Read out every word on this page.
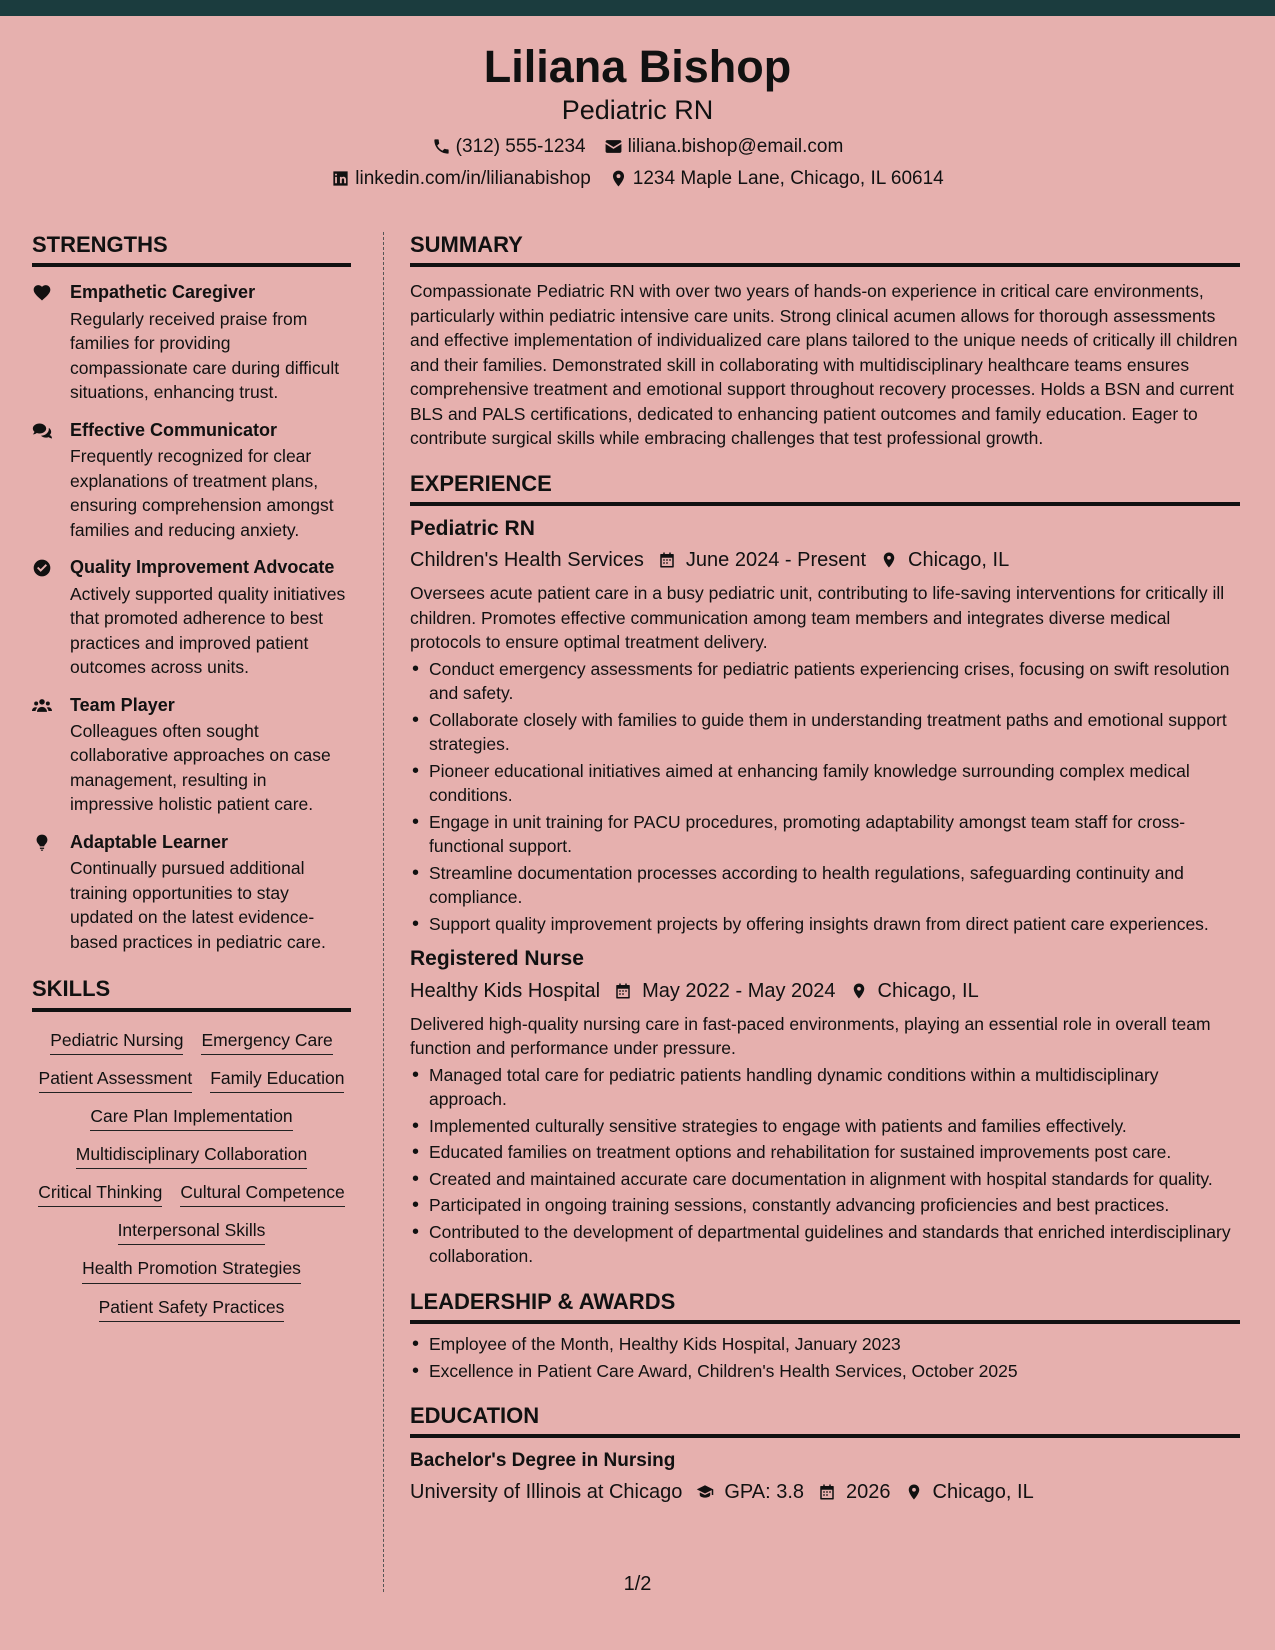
Liliana Bishop
Pediatric RN
(312) 555-1234 liliana.bishop@email.com
linkedin.com/in/lilianabishop 1234 Maple Lane, Chicago, IL 60614
STRENGTHS
Empathetic Caregiver
Regularly received praise from families for providing compassionate care during difficult situations, enhancing trust.
Effective Communicator
Frequently recognized for clear explanations of treatment plans, ensuring comprehension amongst families and reducing anxiety.
Quality Improvement Advocate
Actively supported quality initiatives that promoted adherence to best practices and improved patient outcomes across units.
Team Player
Colleagues often sought collaborative approaches on case management, resulting in impressive holistic patient care.
Adaptable Learner
Continually pursued additional training opportunities to stay updated on the latest evidence-based practices in pediatric care.
SKILLS
Pediatric Nursing Emergency Care
Patient Assessment Family Education
Care Plan Implementation
Multidisciplinary Collaboration
Critical Thinking Cultural Competence
Interpersonal Skills
Health Promotion Strategies
Patient Safety Practices
SUMMARY
Compassionate Pediatric RN with over two years of hands-on experience in critical care environments, particularly within pediatric intensive care units. Strong clinical acumen allows for thorough assessments and effective implementation of individualized care plans tailored to the unique needs of critically ill children and their families. Demonstrated skill in collaborating with multidisciplinary healthcare teams ensures comprehensive treatment and emotional support throughout recovery processes. Holds a BSN and current BLS and PALS certifications, dedicated to enhancing patient outcomes and family education. Eager to contribute surgical skills while embracing challenges that test professional growth.
EXPERIENCE
Pediatric RN
Children's Health Services June 2024 - Present Chicago, IL
Oversees acute patient care in a busy pediatric unit, contributing to life-saving interventions for critically ill children. Promotes effective communication among team members and integrates diverse medical protocols to ensure optimal treatment delivery.
• Conduct emergency assessments for pediatric patients experiencing crises, focusing on swift resolution and safety.
• Collaborate closely with families to guide them in understanding treatment paths and emotional support strategies.
• Pioneer educational initiatives aimed at enhancing family knowledge surrounding complex medical conditions.
• Engage in unit training for PACU procedures, promoting adaptability amongst team staff for cross-functional support.
• Streamline documentation processes according to health regulations, safeguarding continuity and compliance.
• Support quality improvement projects by offering insights drawn from direct patient care experiences.
Registered Nurse
Healthy Kids Hospital May 2022 - May 2024 Chicago, IL
Delivered high-quality nursing care in fast-paced environments, playing an essential role in overall team function and performance under pressure.
• Managed total care for pediatric patients handling dynamic conditions within a multidisciplinary approach.
• Implemented culturally sensitive strategies to engage with patients and families effectively.
• Educated families on treatment options and rehabilitation for sustained improvements post care.
• Created and maintained accurate care documentation in alignment with hospital standards for quality.
• Participated in ongoing training sessions, constantly advancing proficiencies and best practices.
• Contributed to the development of departmental guidelines and standards that enriched interdisciplinary collaboration.
LEADERSHIP & AWARDS
• Employee of the Month, Healthy Kids Hospital, January 2023
• Excellence in Patient Care Award, Children's Health Services, October 2025
EDUCATION
Bachelor's Degree in Nursing
University of Illinois at Chicago GPA: 3.8 2026 Chicago, IL
1/2
